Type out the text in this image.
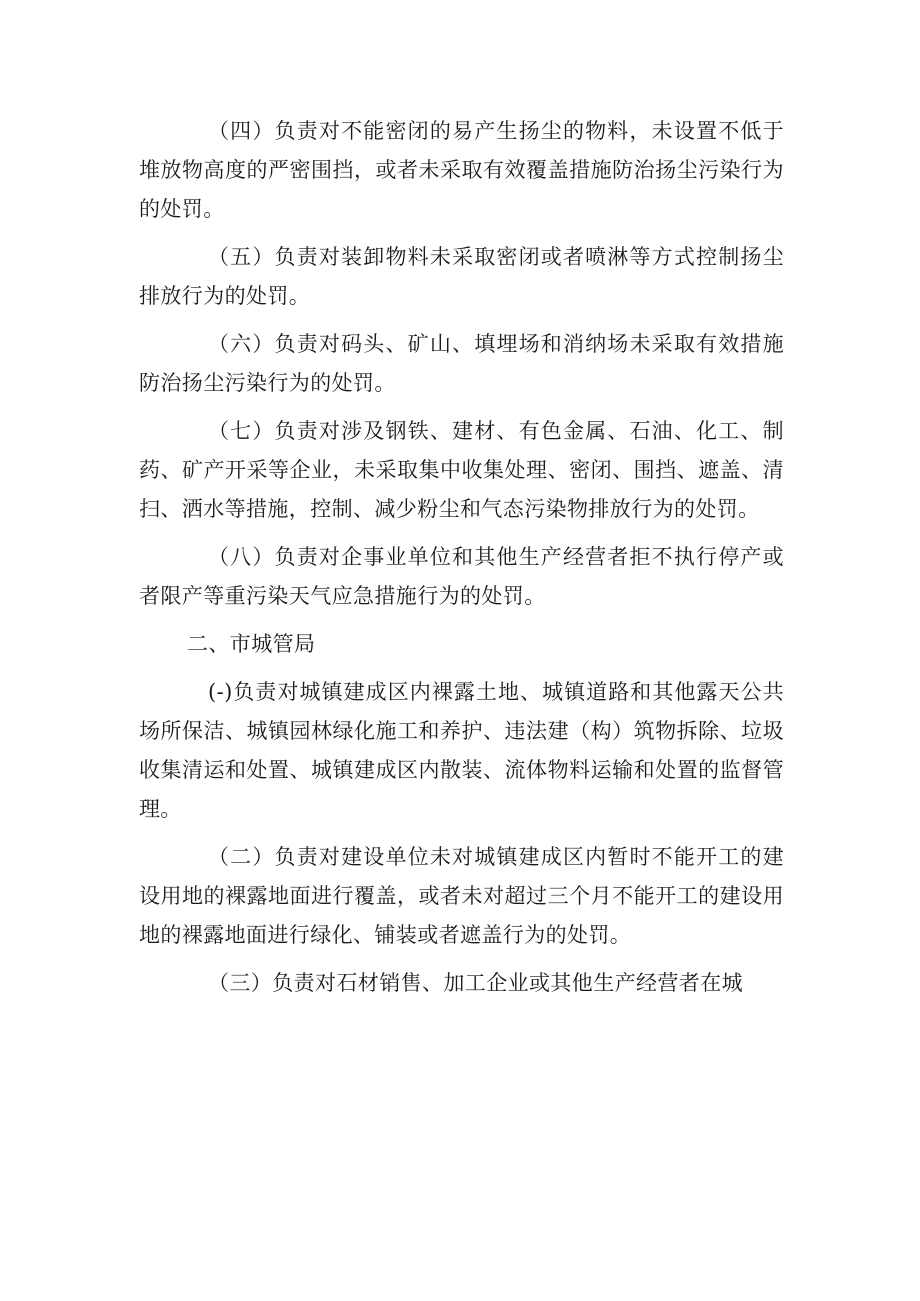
（四）负责对不能密闭的易产生扬尘的物料，未设置不低于堆放物高度的严密围挡，或者未采取有效覆盖措施防治扬尘污染行为的处罚。

（五）负责对装卸物料未采取密闭或者喷淋等方式控制扬尘排放行为的处罚。

（六）负责对码头、矿山、填埋场和消纳场未采取有效措施防治扬尘污染行为的处罚。

（七）负责对涉及钢铁、建材、有色金属、石油、化工、制药、矿产开采等企业，未采取集中收集处理、密闭、围挡、遮盖、清扫、洒水等措施，控制、减少粉尘和气态污染物排放行为的处罚。

（八）负责对企事业单位和其他生产经营者拒不执行停产或者限产等重污染天气应急措施行为的处罚。

二、市城管局

(-)负责对城镇建成区内裸露土地、城镇道路和其他露天公共场所保洁、城镇园林绿化施工和养护、违法建（构）筑物拆除、垃圾收集清运和处置、城镇建成区内散装、流体物料运输和处置的监督管理。

（二）负责对建设单位未对城镇建成区内暂时不能开工的建设用地的裸露地面进行覆盖，或者未对超过三个月不能开工的建设用地的裸露地面进行绿化、铺装或者遮盖行为的处罚。

（三）负责对石材销售、加工企业或其他生产经营者在城
